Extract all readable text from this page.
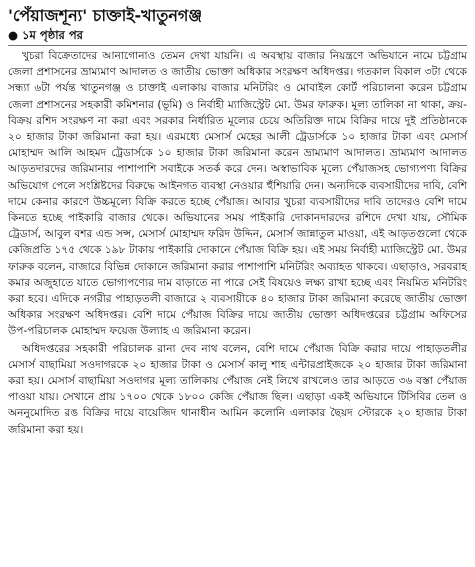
'পেঁয়াজশূন্য' চাক্তাই-খাতুনগঞ্জ
● ১ম পৃষ্ঠার পর

খুচরা বিক্রেতাদের আনাগোনাও তেমন দেখা যায়নি। এ অবস্থায় বাজার নিয়ন্ত্রণে অভিযানে নামে চট্টগ্রাম জেলা প্রশাসনের ভ্রাম্যমাণ আদালত ও জাতীয় ভোক্তা অধিকার সংরক্ষণ অধিদপ্তর। গতকাল বিকাল ৩টা থেকে সন্ধ্যা ৬টা পর্যন্ত খাতুনগঞ্জ ও চাক্তাই এলাকায় বাজার মনিটরিং ও মোবাইল কোর্ট পরিচালনা করেন চট্টগ্রাম জেলা প্রশাসনের সহকারী কমিশনার (ভূমি) ও নির্বাহী ম্যাজিস্ট্রেট মো. উমর ফারুক। মূল্য তালিকা না থাকা, ক্রয়-বিক্রয় রশিদ সংরক্ষণ না করা এবং সরকার নির্ধারিত মূল্যের চেয়ে অতিরিক্ত দামে বিক্রির দায়ে দুই প্রতিষ্ঠানকে ২০ হাজার টাকা জরিমানা করা হয়। এরমধ্যে মেসার্স মেহের আলী ট্রেডার্সকে ১০ হাজার টাকা এবং মেসার্স মোহাম্মদ আলি আহমদ ট্রেডার্সকে ১০ হাজার টাকা জরিমানা করেন ভ্রাম্যমাণ আদালত। ভ্রাম্যমাণ আদালত আড়তদারদের জরিমানার পাশাপাশি সবাইকে সতর্ক করে দেন। অস্বাভাবিক মূল্যে পেঁয়াজসহ ভোগ্যপণ্য বিক্রির অভিযোগ পেলে সংশ্লিষ্টদের বিরুদ্ধে আইনগত ব্যবস্থা নেওয়ার হুঁশিয়ারি দেন। অন্যদিকে ব্যবসায়ীদের দাবি, বেশি দামে কেনার কারণে উচ্চমূল্যে বিক্রি করতে হচ্ছে পেঁয়াজ। আবার খুচরা ব্যবসায়ীদের দাবি তাদেরও বেশি দামে কিনতে হচ্ছে পাইকারি বাজার থেকে। অভিযানের সময় পাইকারি দোকানদারদের রশিদে দেখা যায়, সৌমিক ট্রেডার্স, আবুল বশর এন্ড সন্স, মেসার্স মোহাম্মদ ফরিদ উদ্দিন, মেসার্স জান্নাতুল মাওয়া, এই আড়তগুলো থেকে কেজিপ্রতি ১৭৫ থেকে ১৯৮ টাকায় পাইকারি দোকানে পেঁয়াজ বিক্রি হয়। এই সময় নির্বাহী ম্যাজিস্ট্রেট মো. উমর ফারুক বলেন, বাজারে বিভিন্ন দোকানে জরিমানা করার পাশাপাশি মনিটরিং অব্যাহত থাকবে। এছাড়াও, সরবরাহ কমার অজুহাতে যাতে ভোগ্যপণ্যের দাম বাড়াতে না পারে সেই বিষয়েও লক্ষ্য রাখা হচ্ছে এবং নিয়মিত মনিটরিং করা হবে। এদিকে নগরীর পাহাড়তলী বাজারে ২ ব্যবসায়ীকে ৪০ হাজার টাকা জরিমানা করেছে জাতীয় ভোক্তা অধিকার সংরক্ষণ অধিদপ্তর। বেশি দামে পেঁয়াজ বিক্রির দায়ে জাতীয় ভোক্তা অধিদপ্তরের চট্টগ্রাম অফিসের উপ-পরিচালক মোহাম্মদ ফয়েজ উল্যাহ এ জরিমানা করেন।

অধিদপ্তরের সহকারী পরিচালক রানা দেব নাথ বলেন, বেশি দামে পেঁয়াজ বিক্রি করার দায়ে পাহাড়তলীর মেসার্স বাছামিয়া সওদাগরকে ২০ হাজার টাকা ও মেসার্স কালু শাহ এন্টারপ্রাইজকে ২০ হাজার টাকা জরিমানা করা হয়। মেসার্স বাছামিয়া সওদাগর মূল্য তালিকায় পেঁয়াজ নেই লিখে রাখলেও তার আড়তে ৩৬ বস্তা পেঁয়াজ পাওয়া যায়। সেখানে প্রায় ১৭০০ থেকে ১৮০০ কেজি পেঁয়াজ ছিল। এছাড়া একই অভিযানে টিসিবির তেল ও অননুমোদিত রঙ বিক্রির দায়ে বায়েজিদ থানাধীন আমিন কলোনি এলাকার ছৈয়দ স্টোরকে ২০ হাজার টাকা জরিমানা করা হয়।
